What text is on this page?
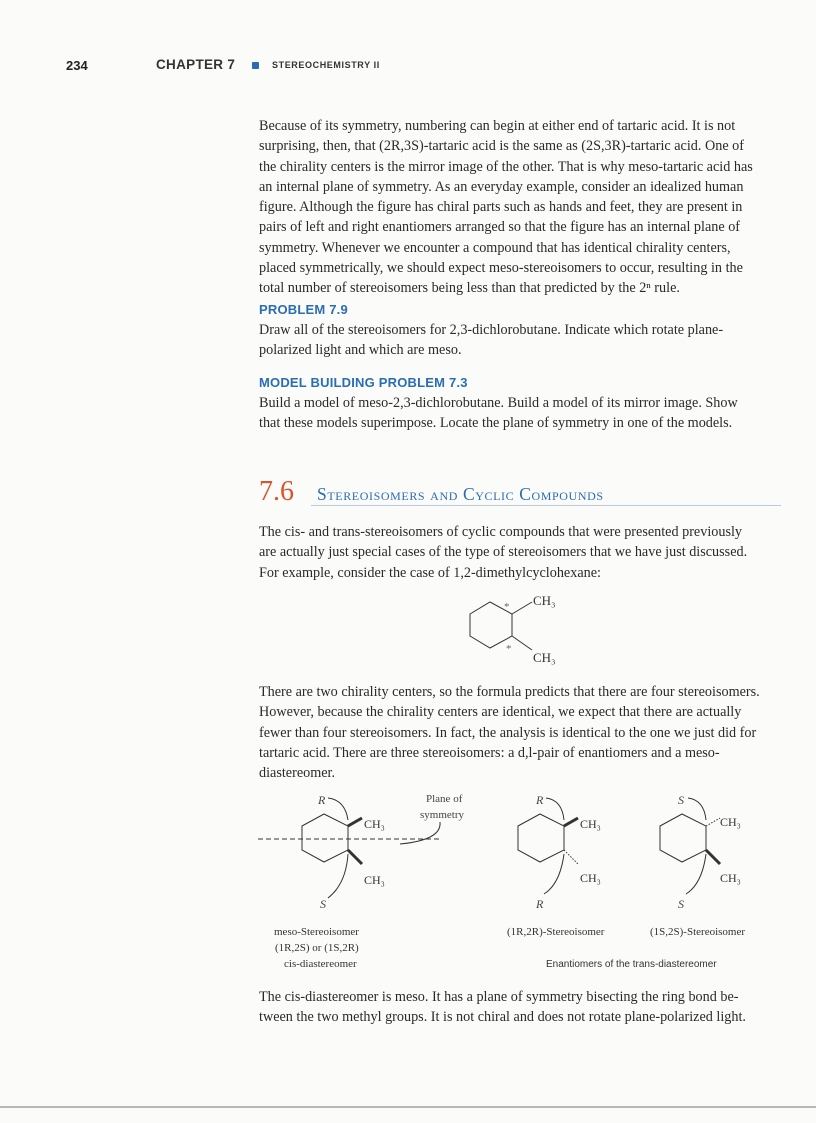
234	CHAPTER 7	STEREOCHEMISTRY II
Because of its symmetry, numbering can begin at either end of tartaric acid. It is not
surprising, then, that (2R,3S)-tartaric acid is the same as (2S,3R)-tartaric acid. One of
the chirality centers is the mirror image of the other. That is why meso-tartaric acid has
an internal plane of symmetry. As an everyday example, consider an idealized human
figure. Although the figure has chiral parts such as hands and feet, they are present in
pairs of left and right enantiomers arranged so that the figure has an internal plane of
symmetry. Whenever we encounter a compound that has identical chirality centers,
placed symmetrically, we should expect meso-stereoisomers to occur, resulting in the
total number of stereoisomers being less than that predicted by the 2ⁿ rule.
PROBLEM 7.9
Draw all of the stereoisomers for 2,3-dichlorobutane. Indicate which rotate plane-
polarized light and which are meso.
MODEL BUILDING PROBLEM 7.3
Build a model of meso-2,3-dichlorobutane. Build a model of its mirror image. Show
that these models superimpose. Locate the plane of symmetry in one of the models.
7.6 Stereoisomers and Cyclic Compounds
The cis- and trans-stereoisomers of cyclic compounds that were presented previously
are actually just special cases of the type of stereoisomers that we have just discussed.
For example, consider the case of 1,2-dimethylcyclohexane:
*
*
CH₃
CH₃
There are two chirality centers, so the formula predicts that there are four stereoisomers.
However, because the chirality centers are identical, we expect that there are actually
fewer than four stereoisomers. In fact, the analysis is identical to the one we just did for
tartaric acid. There are three stereoisomers: a d,l-pair of enantiomers and a meso-
diastereomer.
R
CH₃
CH₃
S
Plane of
symmetry
R
CH₃
CH₃
R
S
CH₃
CH₃
S
meso-Stereoisomer
(1R,2S) or (1S,2R)
cis-diastereomer
(1R,2R)-Stereoisomer	(1S,2S)-Stereoisomer
Enantiomers of the trans-diastereomer
The cis-diastereomer is meso. It has a plane of symmetry bisecting the ring bond be-
tween the two methyl groups. It is not chiral and does not rotate plane-polarized light.
